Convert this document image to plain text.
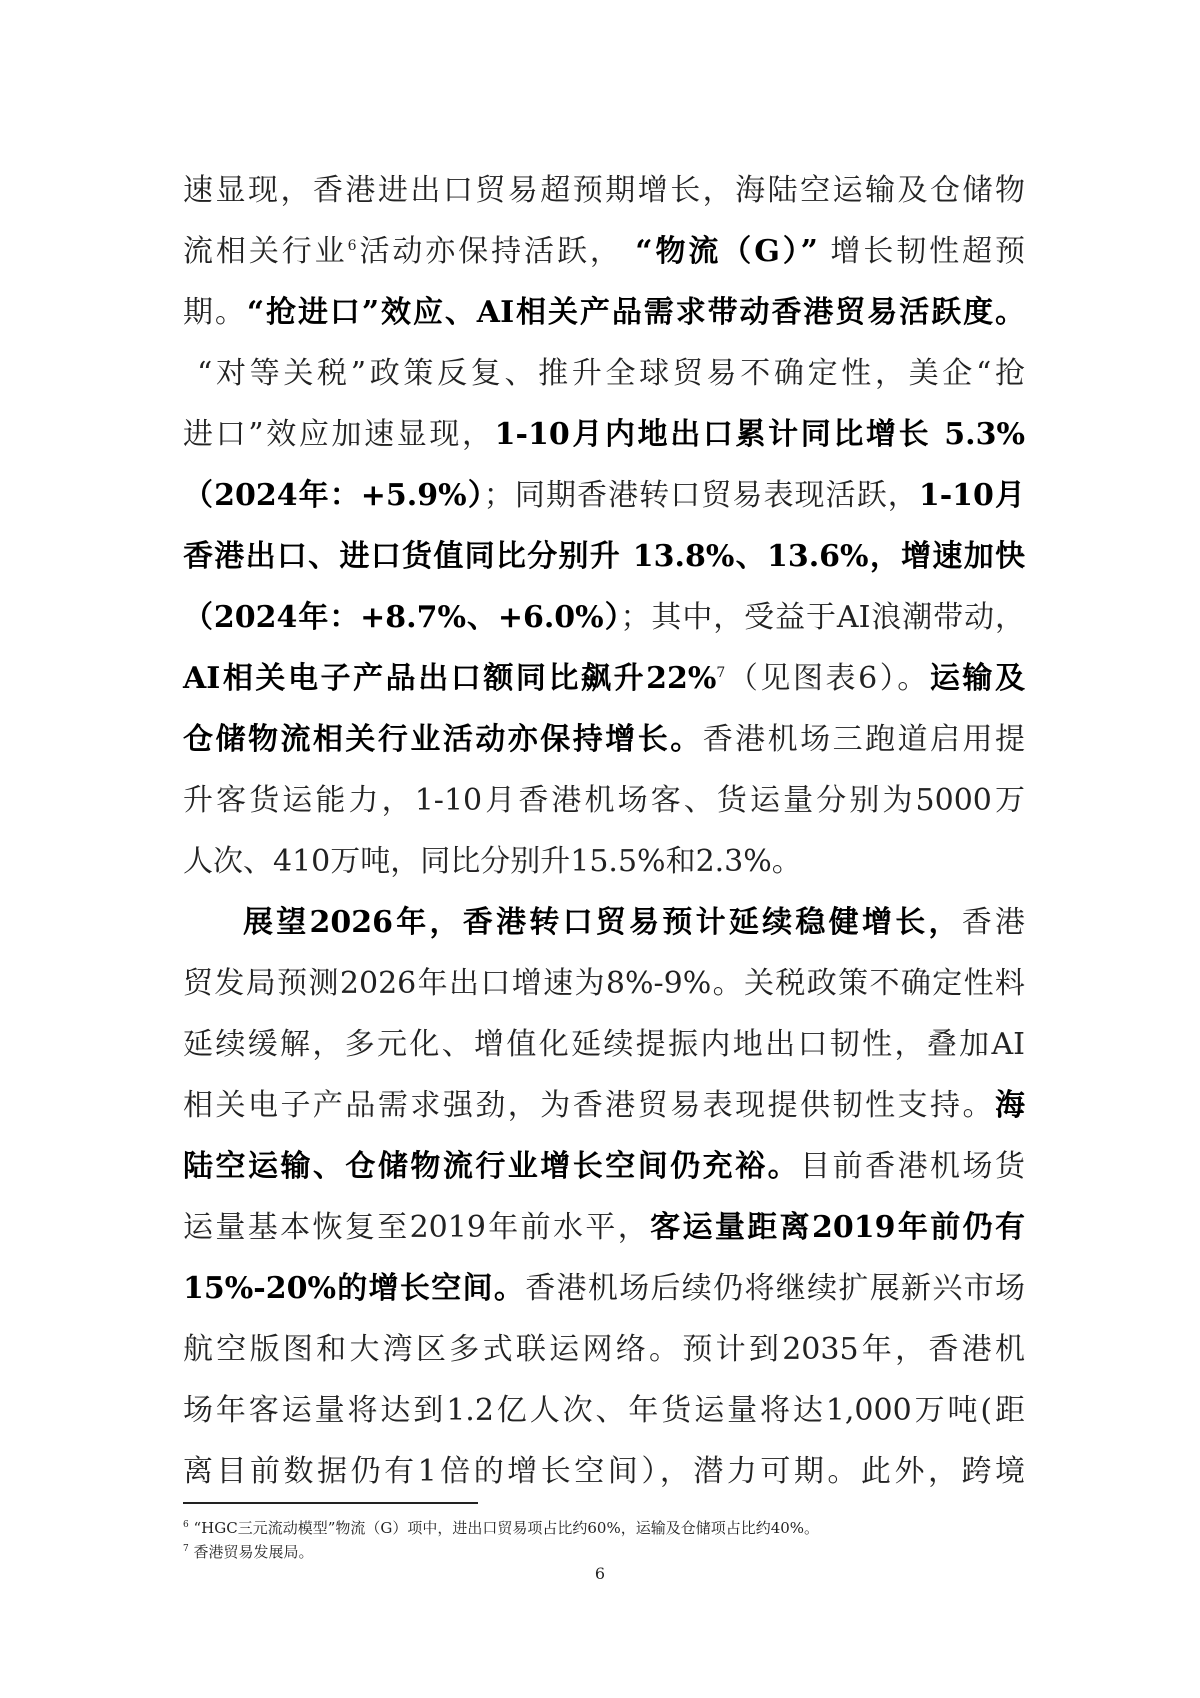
速显现，香港进出口贸易超预期增长，海陆空运输及仓储物
流相关行业$^6$活动亦保持活跃， “物流（G）” 增长韧性超预
期。“抢进口”效应、AI相关产品需求带动香港贸易活跃度。
“对等关税”政策反复、推升全球贸易不确定性，美企“抢
进口”效应加速显现，1-10月内地出口累计同比增长 5.3%
（2024年：+5.9%）；同期香港转口贸易表现活跃，1-10月
香港出口、进口货值同比分别升 13.8%、13.6%，增速加快
（2024年：+8.7%、+6.0%）；其中，受益于AI浪潮带动，
AI相关电子产品出口额同比飙升22%$^7$（见图表6）。运输及
仓储物流相关行业活动亦保持增长。香港机场三跑道启用提
升客货运能力，1-10月香港机场客、货运量分别为5000万
人次、410万吨，同比分别升15.5%和2.3%。
展望2026年，香港转口贸易预计延续稳健增长，香港
贸发局预测2026年出口增速为8%-9%。关税政策不确定性料
延续缓解，多元化、增值化延续提振内地出口韧性，叠加AI
相关电子产品需求强劲，为香港贸易表现提供韧性支持。海
陆空运输、仓储物流行业增长空间仍充裕。目前香港机场货
运量基本恢复至2019年前水平，客运量距离2019年前仍有
15%-20%的增长空间。香港机场后续仍将继续扩展新兴市场
航空版图和大湾区多式联运网络。预计到2035年，香港机
场年客运量将达到1.2亿人次、年货运量将达1,000万吨(距
离目前数据仍有1倍的增长空间），潜力可期。此外，跨境
$^6$ “HGC三元流动模型”物流（G）项中，进出口贸易项占比约60%，运输及仓储项占比约40%。
$^7$ 香港贸易发展局。
6
